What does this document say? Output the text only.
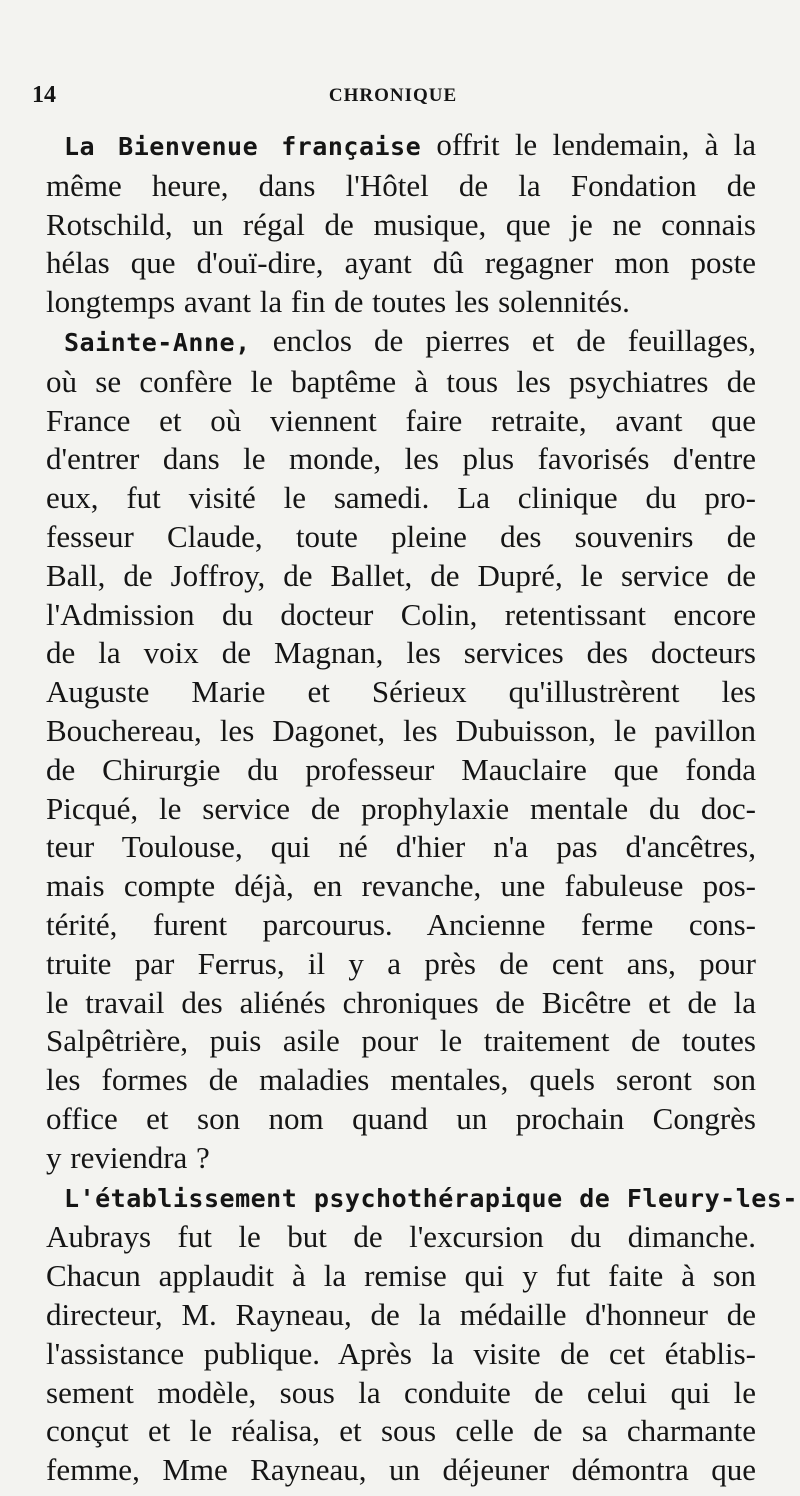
14	CHRONIQUE
La Bienvenue française offrit le lendemain, à la
même heure, dans l'Hôtel de la Fondation de
Rotschild, un régal de musique, que je ne connais
hélas que d'ouï-dire, ayant dû regagner mon poste
longtemps avant la fin de toutes les solennités.
Sainte-Anne, enclos de pierres et de feuillages,
où se confère le baptême à tous les psychiatres de
France et où viennent faire retraite, avant que
d'entrer dans le monde, les plus favorisés d'entre
eux, fut visité le samedi. La clinique du pro-
fesseur Claude, toute pleine des souvenirs de
Ball, de Joffroy, de Ballet, de Dupré, le service de
l'Admission du docteur Colin, retentissant encore
de la voix de Magnan, les services des docteurs
Auguste Marie et Sérieux qu'illustrèrent les
Bouchereau, les Dagonet, les Dubuisson, le pavillon
de Chirurgie du professeur Mauclaire que fonda
Picqué, le service de prophylaxie mentale du doc-
teur Toulouse, qui né d'hier n'a pas d'ancêtres,
mais compte déjà, en revanche, une fabuleuse pos-
térité, furent parcourus. Ancienne ferme cons-
truite par Ferrus, il y a près de cent ans, pour
le travail des aliénés chroniques de Bicêtre et de la
Salpêtrière, puis asile pour le traitement de toutes
les formes de maladies mentales, quels seront son
office et son nom quand un prochain Congrès
y reviendra ?
L'établissement psychothérapique de Fleury-les-
Aubrays fut le but de l'excursion du dimanche.
Chacun applaudit à la remise qui y fut faite à son
directeur, M. Rayneau, de la médaille d'honneur de
l'assistance publique. Après la visite de cet établis-
sement modèle, sous la conduite de celui qui le
conçut et le réalisa, et sous celle de sa charmante
femme, Mme Rayneau, un déjeuner démontra que
